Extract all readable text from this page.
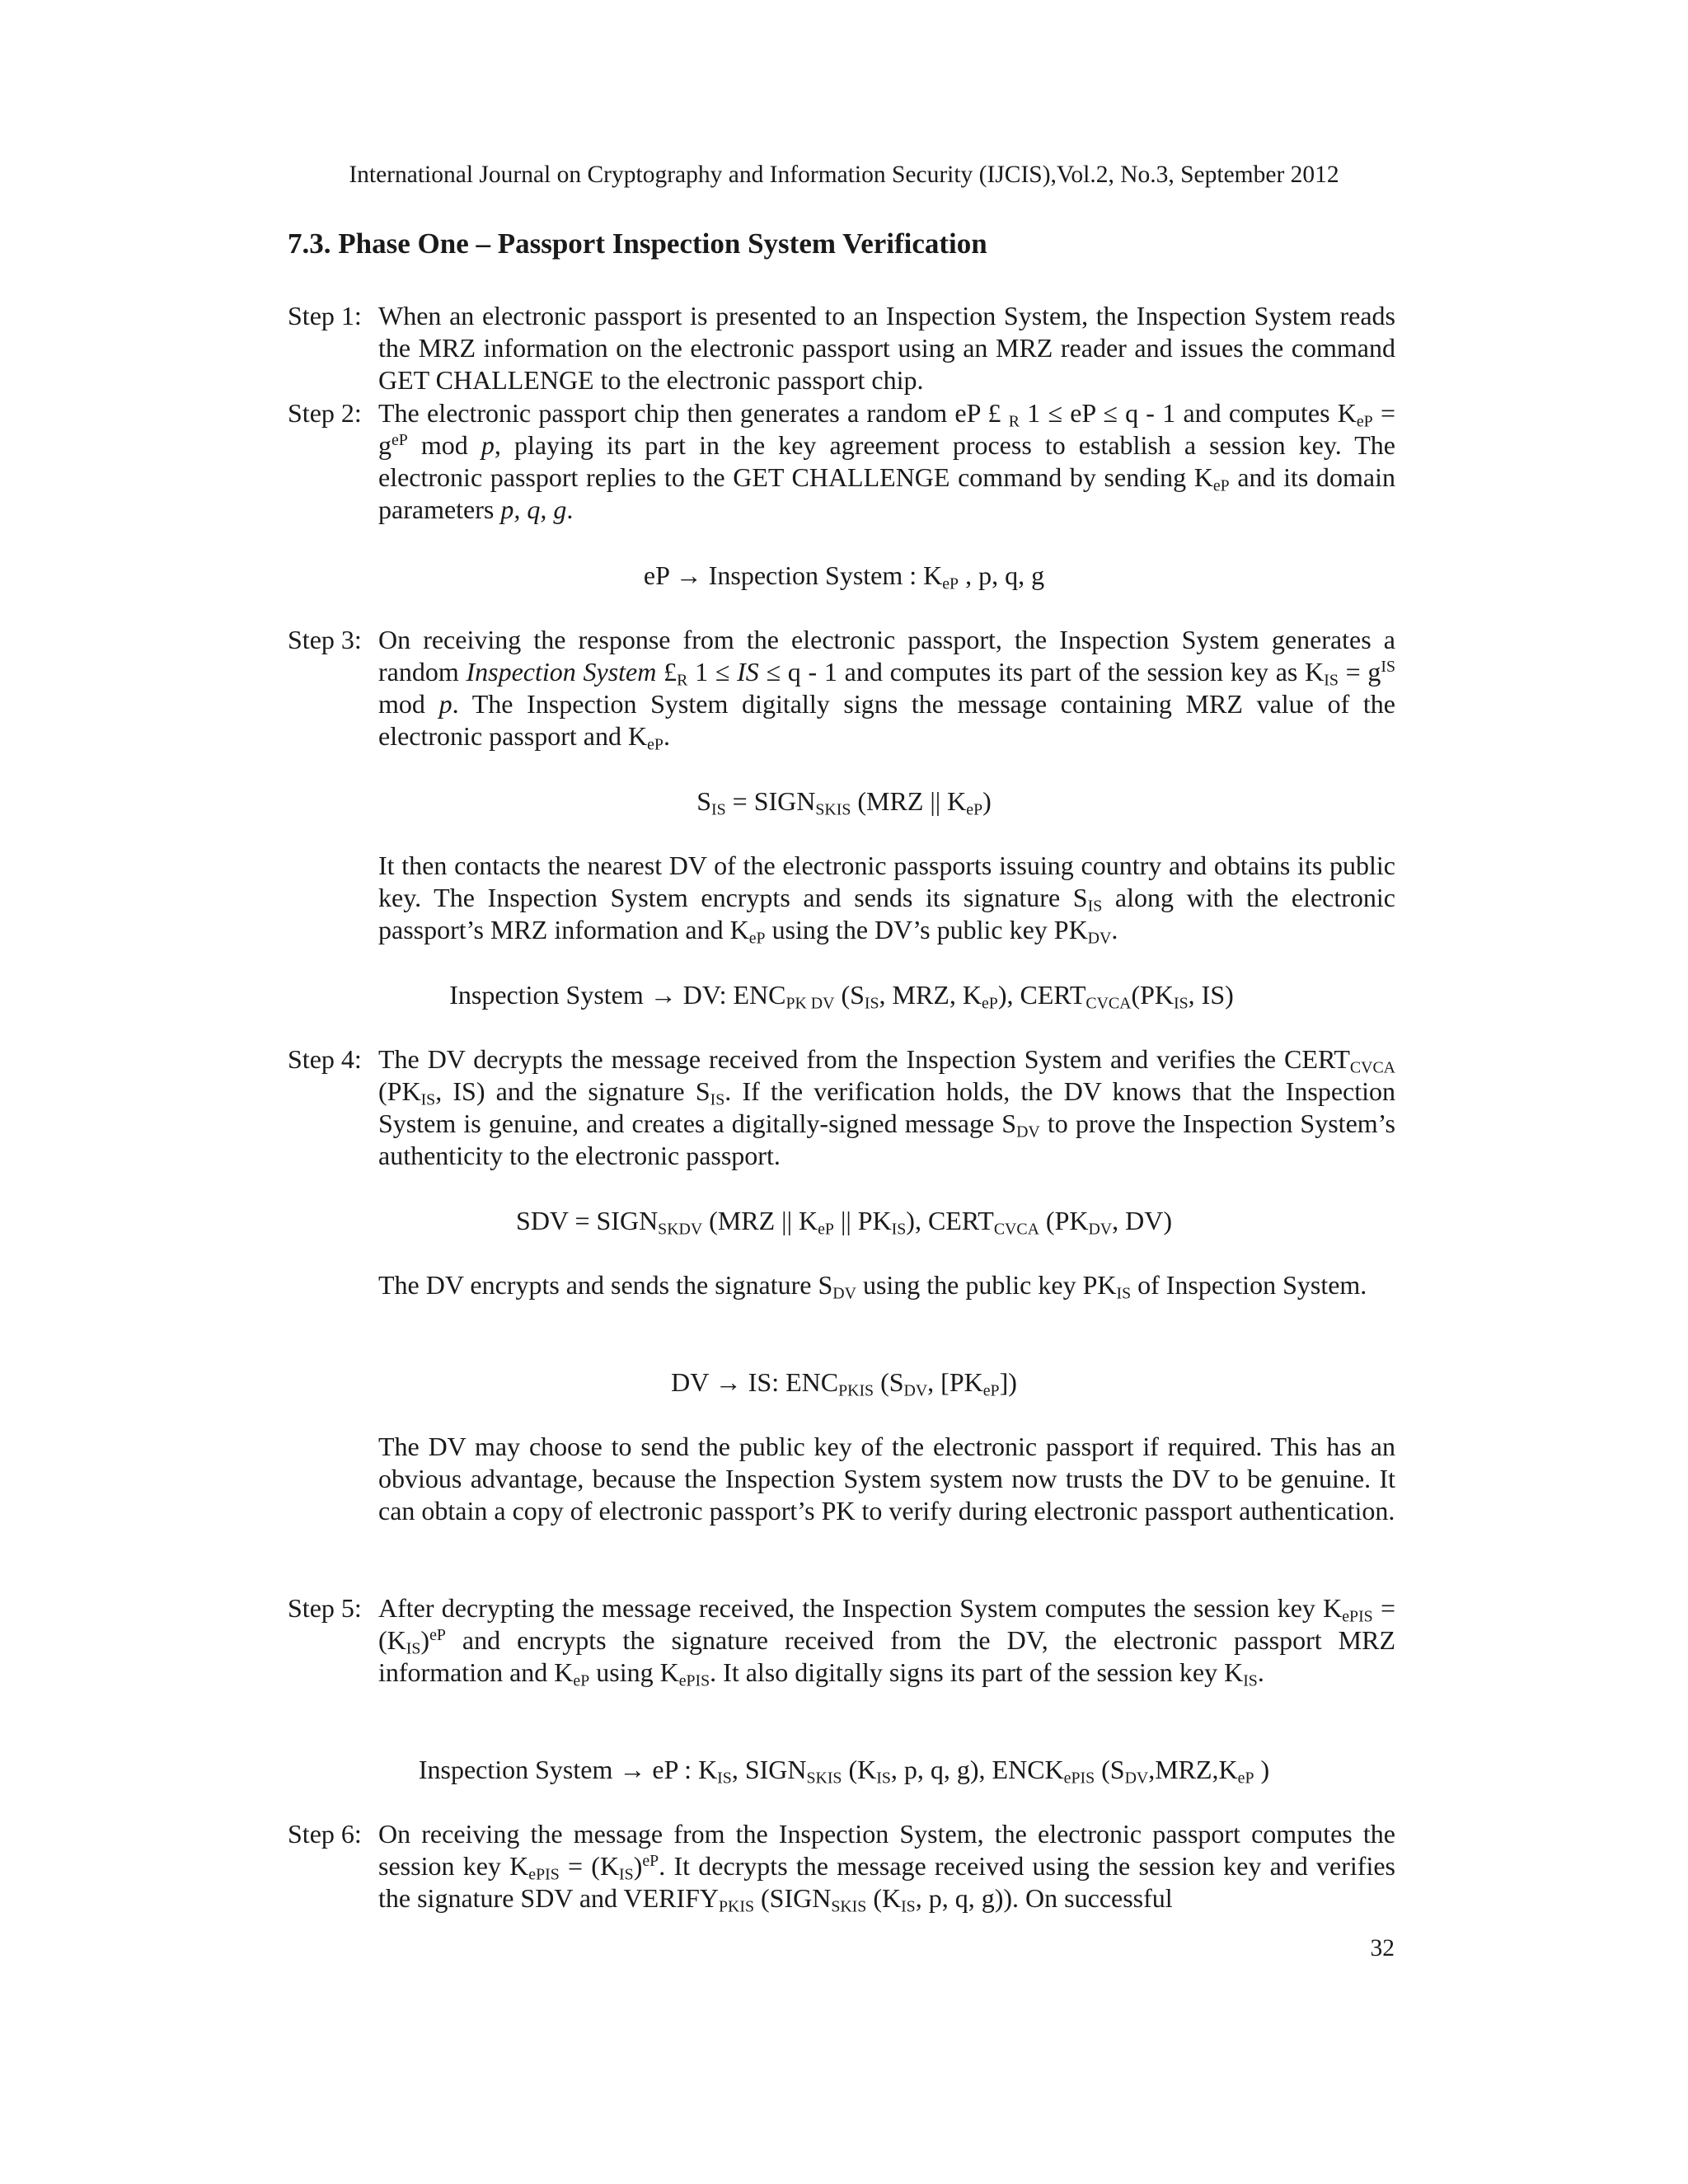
International Journal on Cryptography and Information Security (IJCIS),Vol.2, No.3, September 2012
7.3. Phase One – Passport Inspection System Verification
Step 1: When an electronic passport is presented to an Inspection System, the Inspection System reads the MRZ information on the electronic passport using an MRZ reader and issues the command GET CHALLENGE to the electronic passport chip.
Step 2: The electronic passport chip then generates a random eP £ $_R$ 1 ≤ eP ≤ q - 1 and computes $K_{eP} = g^{eP}$ mod p, playing its part in the key agreement process to establish a session key. The electronic passport replies to the GET CHALLENGE command by sending $K_{eP}$ and its domain parameters p, q, g.
eP → Inspection System : $K_{eP}$ , p, q, g
Step 3: On receiving the response from the electronic passport, the Inspection System generates a random Inspection System $£_R$ 1 ≤ IS ≤ q - 1 and computes its part of the session key as $K_{IS} = g^{IS}$ mod p. The Inspection System digitally signs the message containing MRZ value of the electronic passport and $K_{eP}$.
$S_{IS}$ = $SIGN_{SKIS}$ (MRZ || $K_{eP}$)
It then contacts the nearest DV of the electronic passports issuing country and obtains its public key. The Inspection System encrypts and sends its signature $S_{IS}$ along with the electronic passport’s MRZ information and $K_{eP}$ using the DV’s public key $PK_{DV}$.
Inspection System → DV: $ENC_{PK DV}$ ($S_{IS}$, MRZ, $K_{eP}$), $CERT_{CVCA}(PK_{IS}$, IS)
Step 4: The DV decrypts the message received from the Inspection System and verifies the $CERT_{CVCA}$ ($PK_{IS}$, IS) and the signature $S_{IS}$. If the verification holds, the DV knows that the Inspection System is genuine, and creates a digitally-signed message $S_{DV}$ to prove the Inspection System’s authenticity to the electronic passport.
SDV = $SIGN_{SKDV}$ (MRZ || $K_{eP}$ || $PK_{IS}$), $CERT_{CVCA}$ ($PK_{DV}$, DV)
The DV encrypts and sends the signature $S_{DV}$ using the public key $PK_{IS}$ of Inspection System.
DV → IS: $ENC_{PKIS}$ ($S_{DV}$, $[PK_{eP}]$)
The DV may choose to send the public key of the electronic passport if required. This has an obvious advantage, because the Inspection System system now trusts the DV to be genuine. It can obtain a copy of electronic passport’s PK to verify during electronic passport authentication.
Step 5: After decrypting the message received, the Inspection System computes the session key $K_{ePIS} = (K_{IS})^{eP}$ and encrypts the signature received from the DV, the electronic passport MRZ information and $K_{eP}$ using $K_{ePIS}$. It also digitally signs its part of the session key $K_{IS}$.
Inspection System → eP : $K_{IS}$, $SIGN_{SKIS}$ ($K_{IS}$, p, q, g), $ENCK_{ePIS}$ ($S_{DV},MRZ,K_{eP}$ )
Step 6: On receiving the message from the Inspection System, the electronic passport computes the session key $K_{ePIS} = (K_{IS})^{eP}$. It decrypts the message received using the session key and verifies the signature SDV and $VERIFY_{PKIS}$ ($SIGN_{SKIS}$ ($K_{IS}$, p, q, g)). On successful
32
